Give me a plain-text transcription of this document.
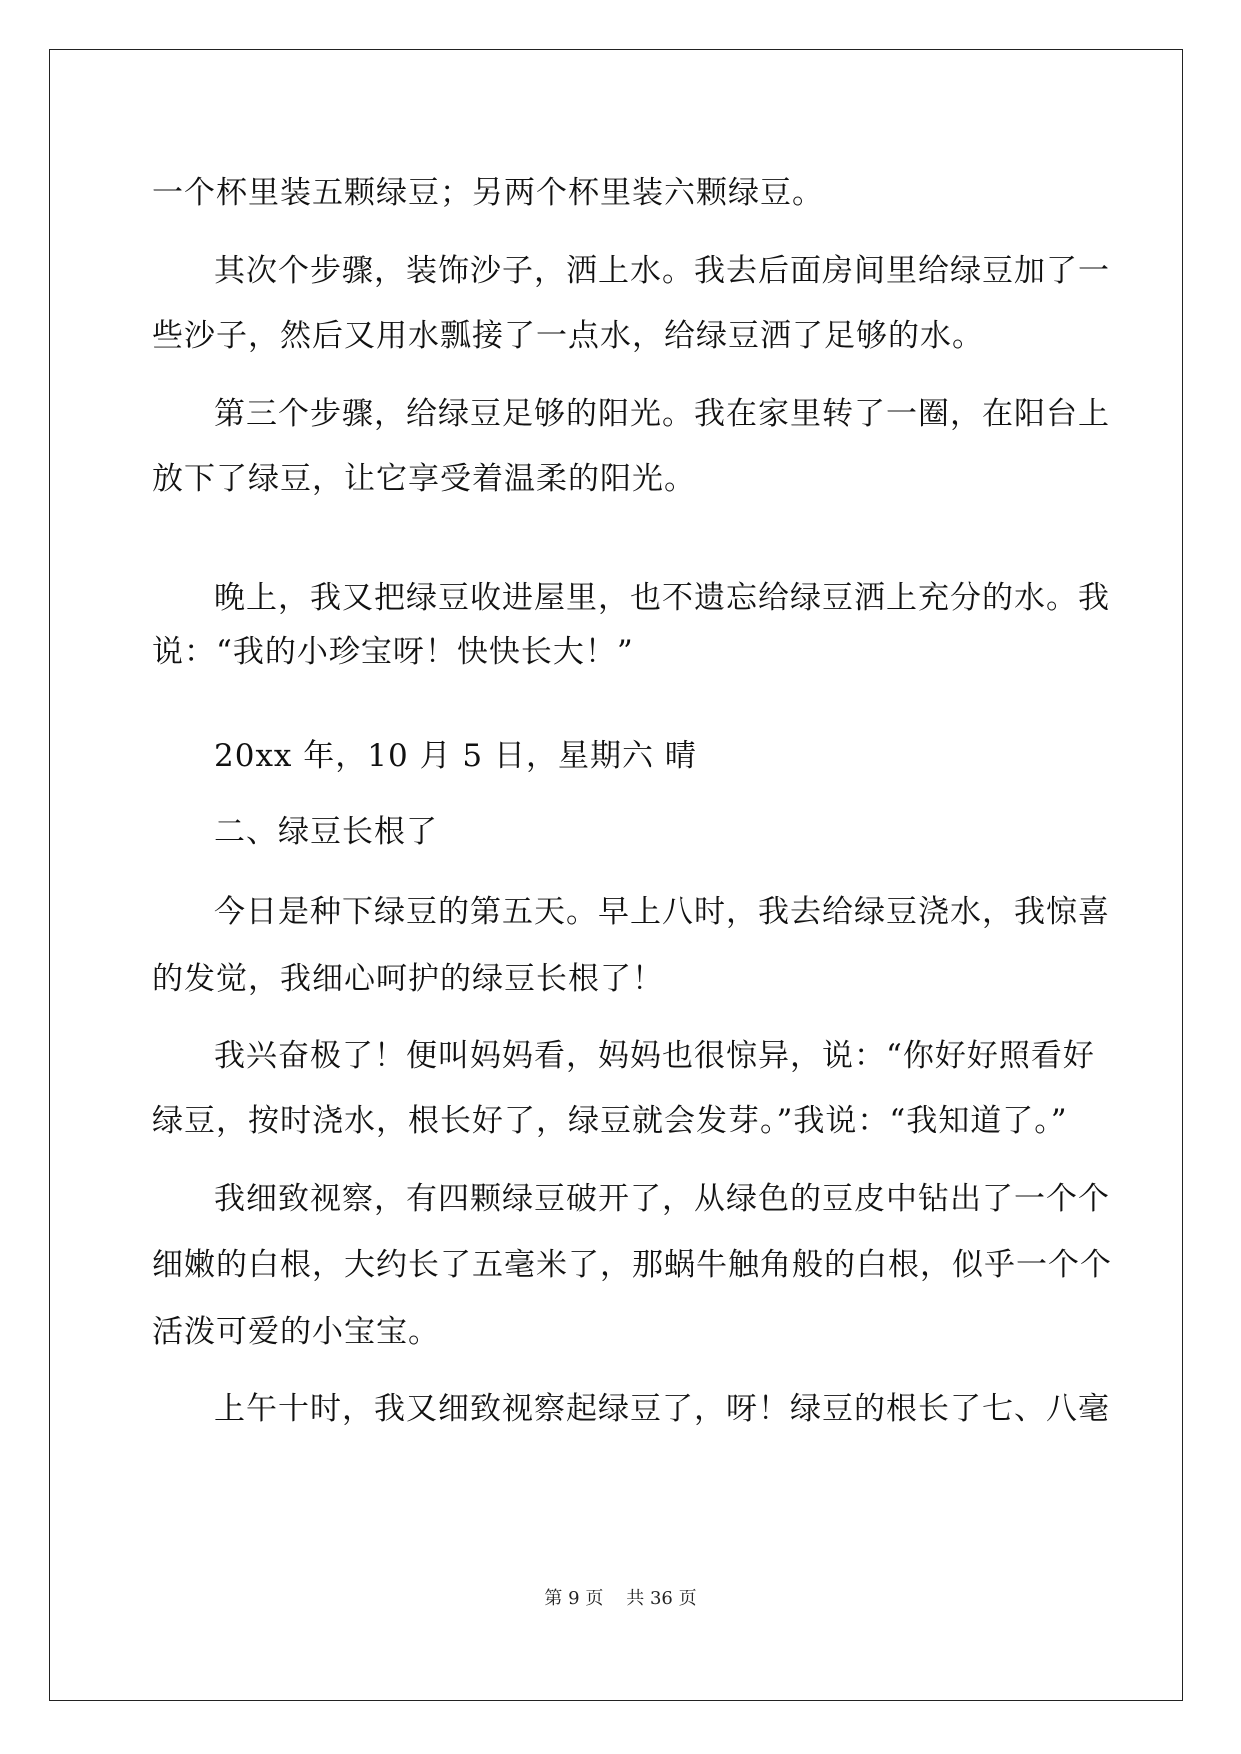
一个杯里装五颗绿豆；另两个杯里装六颗绿豆。
其次个步骤，装饰沙子，洒上水。我去后面房间里给绿豆加了一
些沙子，然后又用水瓢接了一点水，给绿豆洒了足够的水。
第三个步骤，给绿豆足够的阳光。我在家里转了一圈，在阳台上
放下了绿豆，让它享受着温柔的阳光。
晚上，我又把绿豆收进屋里，也不遗忘给绿豆洒上充分的水。我
说：“我的小珍宝呀！快快长大！”
20xx 年，10 月 5 日，星期六 晴
二、绿豆长根了
今日是种下绿豆的第五天。早上八时，我去给绿豆浇水，我惊喜
的发觉，我细心呵护的绿豆长根了！
我兴奋极了！便叫妈妈看，妈妈也很惊异，说：“你好好照看好
绿豆，按时浇水，根长好了，绿豆就会发芽。”我说：“我知道了。”
我细致视察，有四颗绿豆破开了，从绿色的豆皮中钻出了一个个
细嫩的白根，大约长了五毫米了，那蜗牛触角般的白根，似乎一个个
活泼可爱的小宝宝。
上午十时，我又细致视察起绿豆了，呀！绿豆的根长了七、八毫
第 9 页 共 36 页
